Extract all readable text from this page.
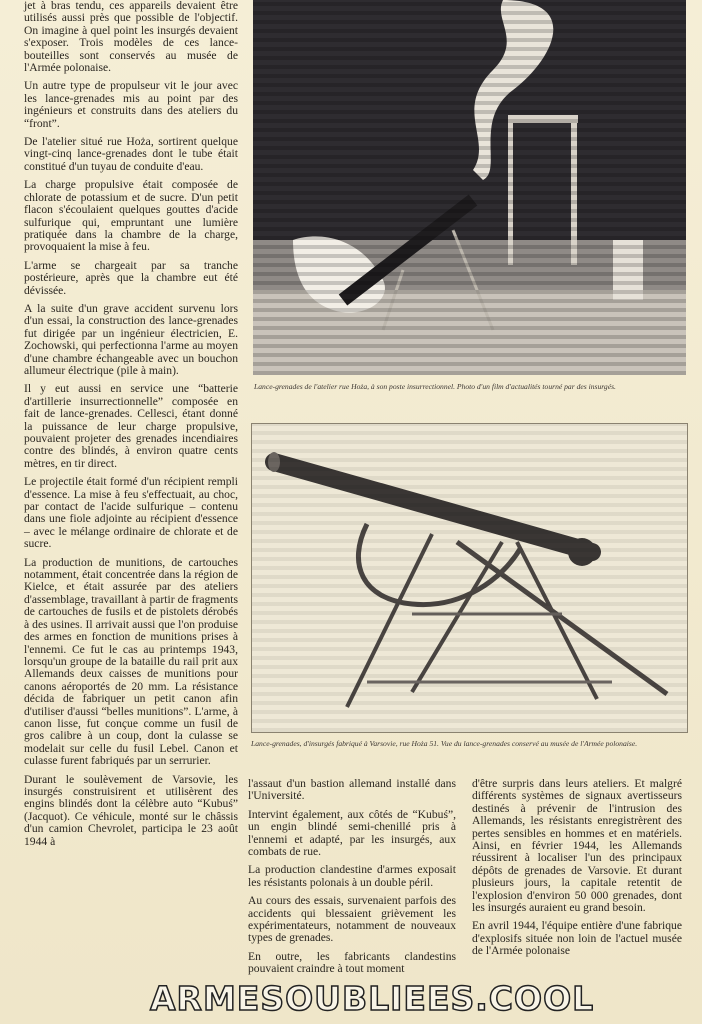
jet à bras tendu, ces appareils devaient être utilisés aussi près que possible de l'objectif. On imagine à quel point les insurgés devaient s'exposer. Trois modèles de ces lance-bouteilles sont conservés au musée de l'Armée polonaise.

Un autre type de propulseur vit le jour avec les lance-grenades mis au point par des ingénieurs et construits dans des ateliers du “front”.

De l'atelier situé rue Hoża, sortirent quelque vingt-cinq lance-grenades dont le tube était constitué d'un tuyau de conduite d'eau.

La charge propulsive était composée de chlorate de potassium et de sucre. D'un petit flacon s'écoulaient quelques gouttes d'acide sulfurique qui, empruntant une lumière pratiquée dans la chambre de la charge, provoquaient la mise à feu.

L'arme se chargeait par sa tranche postérieure, après que la chambre eut été dévissée.

A la suite d'un grave accident survenu lors d'un essai, la construction des lance-grenades fut dirigée par un ingénieur électricien, E. Zochowski, qui perfectionna l'arme au moyen d'une chambre échangeable avec un bouchon allumeur électrique (pile à main).

Il y eut aussi en service une “batterie d'artillerie insurrectionnelle” composée en fait de lance-grenades. Cellesci, étant donné la puissance de leur charge propulsive, pouvaient projeter des grenades incendiaires contre des blindés, à environ quatre cents mètres, en tir direct.

Le projectile était formé d'un récipient rempli d'essence. La mise à feu s'effectuait, au choc, par contact de l'acide sulfurique – contenu dans une fiole adjointe au récipient d'essence – avec le mélange ordinaire de chlorate et de sucre.

La production de munitions, de cartouches notamment, était concentrée dans la région de Kielce, et était assurée par des ateliers d'assemblage, travaillant à partir de fragments de cartouches de fusils et de pistolets dérobés à des usines. Il arrivait aussi que l'on produise des armes en fonction de munitions prises à l'ennemi. Ce fut le cas au printemps 1943, lorsqu'un groupe de la bataille du rail prit aux Allemands deux caisses de munitions pour canons aéroportés de 20 mm. La résistance décida de fabriquer un petit canon afin d'utiliser d'aussi “belles munitions”. L'arme, à canon lisse, fut conçue comme un fusil de gros calibre à un coup, dont la culasse se modelait sur celle du fusil Lebel. Canon et culasse furent fabriqués par un serrurier.

Durant le soulèvement de Varsovie, les insurgés construisirent et utilisèrent des engins blindés dont la célèbre auto “Kubuś” (Jacquot). Ce véhicule, monté sur le châssis d'un camion Chevrolet, participa le 23 août 1944 à

Lance-grenades de l'atelier rue Hoża, à son poste insurrectionnel. Photo d'un film d'actualités tourné par des insurgés.
Lance-grenades, d'insurgés fabriqué à Varsovie, rue Hoża 51. Vue du lance-grenades conservé au musée de l'Armée polonaise.

l'assaut d'un bastion allemand installé dans l'Université.

Intervint également, aux côtés de “Kubuś”, un engin blindé semi-chenillé pris à l'ennemi et adapté, par les insurgés, aux combats de rue.

La production clandestine d'armes exposait les résistants polonais à un double péril.

Au cours des essais, survenaient parfois des accidents qui blessaient grièvement les expérimentateurs, notamment de nouveaux types de grenades.

En outre, les fabricants clandestins pouvaient craindre à tout moment

d'être surpris dans leurs ateliers. Et malgré différents systèmes de signaux avertisseurs destinés à prévenir de l'intrusion des Allemands, les résistants enregistrèrent des pertes sensibles en hommes et en matériels. Ainsi, en février 1944, les Allemands réussirent à localiser l'un des principaux dépôts de grenades de Varsovie. Et durant plusieurs jours, la capitale retentit de l'explosion d'environ 50 000 grenades, dont les insurgés auraient eu grand besoin.

En avril 1944, l'équipe entière d'une fabrique d'explosifs située non loin de l'actuel musée de l'Armée polonaise

ARMESOUBLIEES.COOL
